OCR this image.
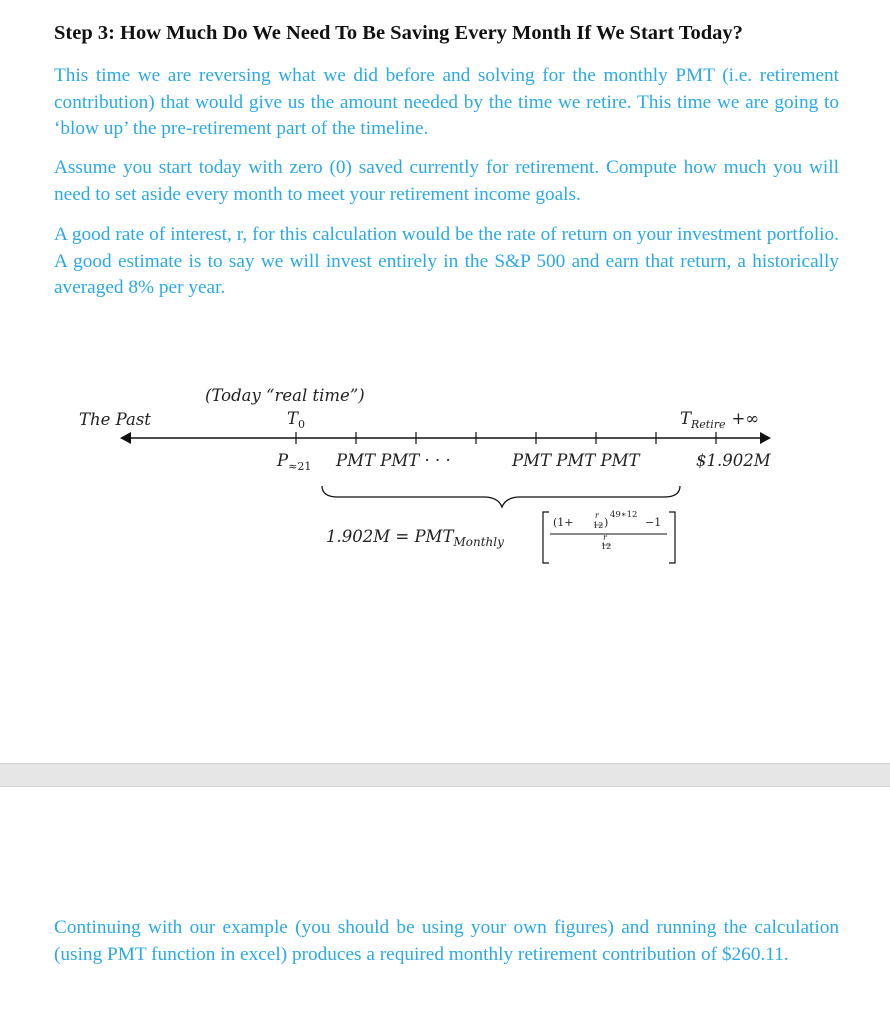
Step 3: How Much Do We Need To Be Saving Every Month If We Start Today?
This time we are reversing what we did before and solving for the monthly PMT (i.e. retirement contribution) that would give us the amount needed by the time we retire. This time we are going to ‘blow up’ the pre-retirement part of the timeline.
Assume you start today with zero (0) saved currently for retirement. Compute how much you will need to set aside every month to meet your retirement income goals.
A good rate of interest, r, for this calculation would be the rate of return on your investment portfolio. A good estimate is to say we will invest entirely in the S&P 500 and earn that return, a historically averaged 8% per year.
The Past
(Today “real time”)
$T_0$	$T_{Retire}$ +∞
$P_{\approx 21}$ PMT PMT · · ·	PMT PMT PMT	$1.902M
$1.902M = PMT_{Monthly}$
(1+
r
12 )
49∗12
−1
r
12
Continuing with our example (you should be using your own figures) and running the calculation (using PMT function in excel) produces a required monthly retirement contribution of $260.11.
